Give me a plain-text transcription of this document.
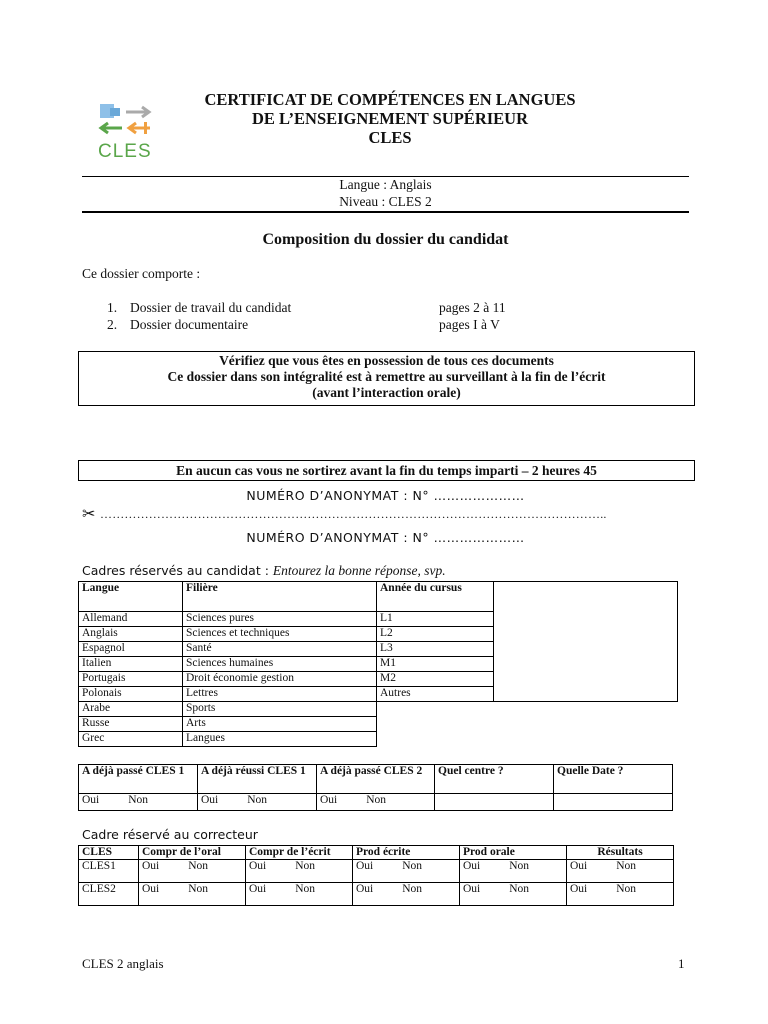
CLES
CERTIFICAT DE COMPÉTENCES EN LANGUES
DE L’ENSEIGNEMENT SUPÉRIEUR
CLES
Langue : Anglais
Niveau : CLES 2
Composition du dossier du candidat
Ce dossier comporte :
1. Dossier de travail du candidat	pages 2 à 11
2. Dossier documentaire	pages I à V
Vérifiez que vous êtes en possession de tous ces documents
Ce dossier dans son intégralité est à remettre au surveillant à la fin de l’écrit
(avant l’interaction orale)
En aucun cas vous ne sortirez avant la fin du temps imparti – 2 heures 45
NUMÉRO D’ANONYMAT : N° …………………
✂ ……………………………………………………………………………………………………………..
NUMÉRO D’ANONYMAT : N° …………………
Cadres réservés au candidat : Entourez la bonne réponse, svp.
Langue	Filière	Année du cursus	
Allemand	Sciences pures	L1	
Anglais	Sciences et techniques	L2	
Espagnol	Santé	L3	
Italien	Sciences humaines	M1	
Portugais	Droit économie gestion	M2	
Polonais	Lettres	Autres	
Arabe	Sports		
Russe	Arts		
Grec	Langues		
A déjà passé CLES 1	A déjà réussi CLES 1	A déjà passé CLES 2	Quel centre ?	Quelle Date ?
Oui Non	Oui Non	Oui Non		
Cadre réservé au correcteur
CLES	Compr de l’oral	Compr de l’écrit	Prod écrite	Prod orale	Résultats
CLES1	Oui Non	Oui Non	Oui Non	Oui Non	Oui Non
CLES2	Oui Non	Oui Non	Oui Non	Oui Non	Oui Non
CLES 2 anglais	1
